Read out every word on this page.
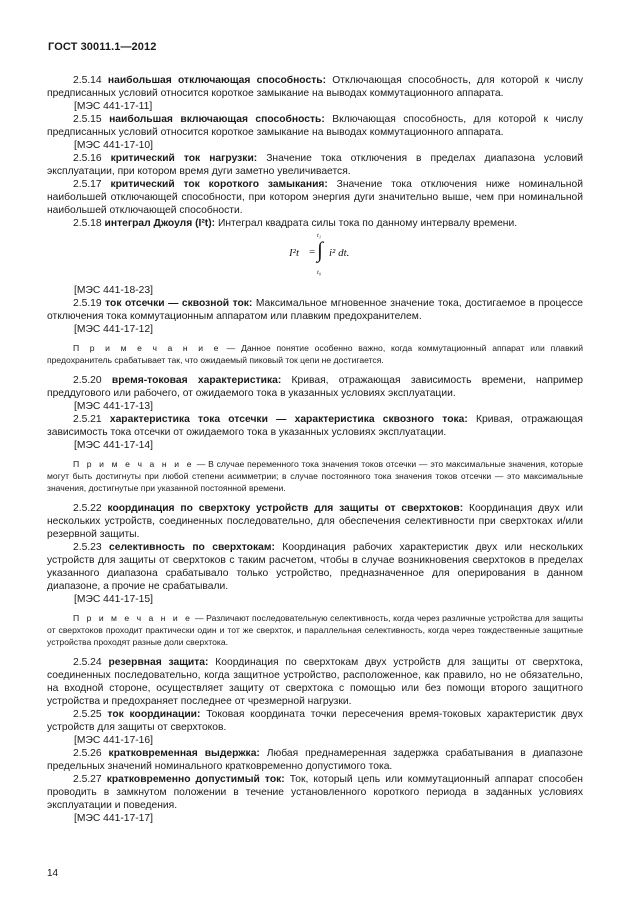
ГОСТ 30011.1—2012

2.5.14 наибольшая отключающая способность: Отключающая способность, для которой к числу предписанных условий относится короткое замыкание на выводах коммутационного аппарата.

[МЭС 441-17-11]

2.5.15 наибольшая включающая способность: Включающая способность, для которой к числу предписанных условий относится короткое замыкание на выводах коммутационного аппарата.

[МЭС 441-17-10]

2.5.16 критический ток нагрузки: Значение тока отключения в пределах диапазона условий эксплуатации, при котором время дуги заметно увеличивается.

2.5.17 критический ток короткого замыкания: Значение тока отключения ниже номинальной наибольшей отключающей способности, при котором энергия дуги значительно выше, чем при номинальной наибольшей отключающей способности.

2.5.18 интеграл Джоуля (I²t): Интеграл квадрата силы тока по данному интервалу времени.

I²t =
t₁
∫
t₀
i² dt.

[МЭС 441-18-23]

2.5.19 ток отсечки — сквозной ток: Максимальное мгновенное значение тока, достигаемое в процессе отключения тока коммутационным аппаратом или плавким предохранителем.

[МЭС 441-17-12]

П р и м е ч а н и е — Данное понятие особенно важно, когда коммутационный аппарат или плавкий предохранитель срабатывает так, что ожидаемый пиковый ток цепи не достигается.

2.5.20 время-токовая характеристика: Кривая, отражающая зависимость времени, например преддугового или рабочего, от ожидаемого тока в указанных условиях эксплуатации.

[МЭС 441-17-13]

2.5.21 характеристика тока отсечки — характеристика сквозного тока: Кривая, отражающая зависимость тока отсечки от ожидаемого тока в указанных условиях эксплуатации.

[МЭС 441-17-14]

П р и м е ч а н и е — В случае переменного тока значения токов отсечки — это максимальные значения, которые могут быть достигнуты при любой степени асимметрии; в случае постоянного тока значения токов отсечки — это максимальные значения, достигнутые при указанной постоянной времени.

2.5.22 координация по сверхтоку устройств для защиты от сверхтоков: Координация двух или нескольких устройств, соединенных последовательно, для обеспечения селективности при сверхтоках и/или резервной защиты.

2.5.23 селективность по сверхтокам: Координация рабочих характеристик двух или нескольких устройств для защиты от сверхтоков с таким расчетом, чтобы в случае возникновения сверхтоков в пределах указанного диапазона срабатывало только устройство, предназначенное для оперирования в данном диапазоне, а прочие не срабатывали.

[МЭС 441-17-15]

П р и м е ч а н и е — Различают последовательную селективность, когда через различные устройства для защиты от сверхтоков проходит практически один и тот же сверхток, и параллельная селективность, когда через тождественные защитные устройства проходят разные доли сверхтока.

2.5.24 резервная защита: Координация по сверхтокам двух устройств для защиты от сверхтока, соединенных последовательно, когда защитное устройство, расположенное, как правило, но не обязательно, на входной стороне, осуществляет защиту от сверхтока с помощью или без помощи второго защитного устройства и предохраняет последнее от чрезмерной нагрузки.

2.5.25 ток координации: Токовая координата точки пересечения время-токовых характеристик двух устройств для защиты от сверхтоков.

[МЭС 441-17-16]

2.5.26 кратковременная выдержка: Любая преднамеренная задержка срабатывания в диапазоне предельных значений номинального кратковременно допустимого тока.

2.5.27 кратковременно допустимый ток: Ток, который цепь или коммутационный аппарат способен проводить в замкнутом положении в течение установленного короткого периода в заданных условиях эксплуатации и поведения.

[МЭС 441-17-17]

14
